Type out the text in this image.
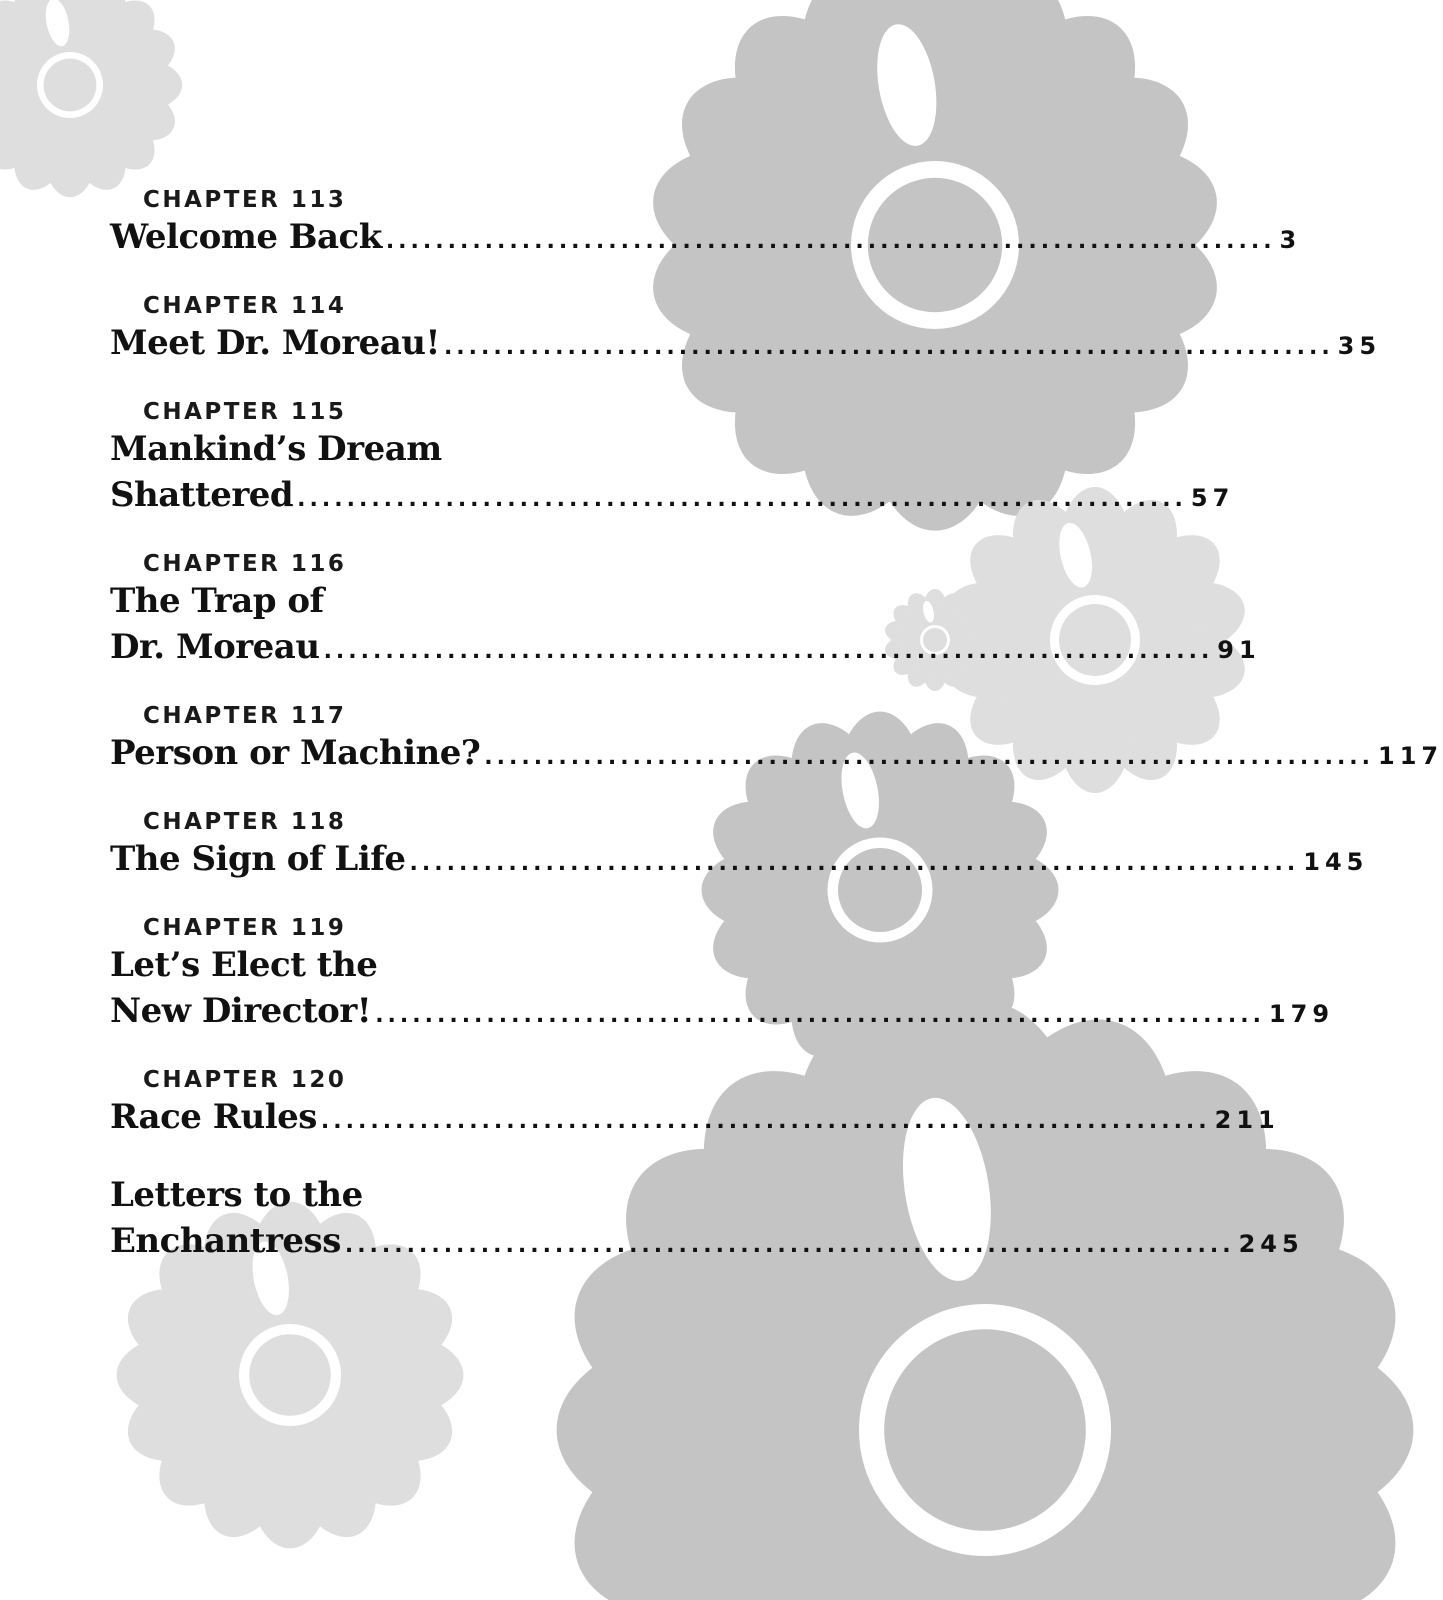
CHAPTER 113
Welcome Back ........................................................................ 3
CHAPTER 114
Meet Dr. Moreau! ........................................................................ 35
CHAPTER 115
Mankind’s Dream
Shattered ........................................................................ 57
CHAPTER 116
The Trap of
Dr. Moreau ........................................................................ 91
CHAPTER 117
Person or Machine? ........................................................................ 117
CHAPTER 118
The Sign of Life ........................................................................ 145
CHAPTER 119
Let’s Elect the
New Director! ........................................................................ 179
CHAPTER 120
Race Rules ........................................................................ 211
Letters to the
Enchantress ........................................................................ 245
